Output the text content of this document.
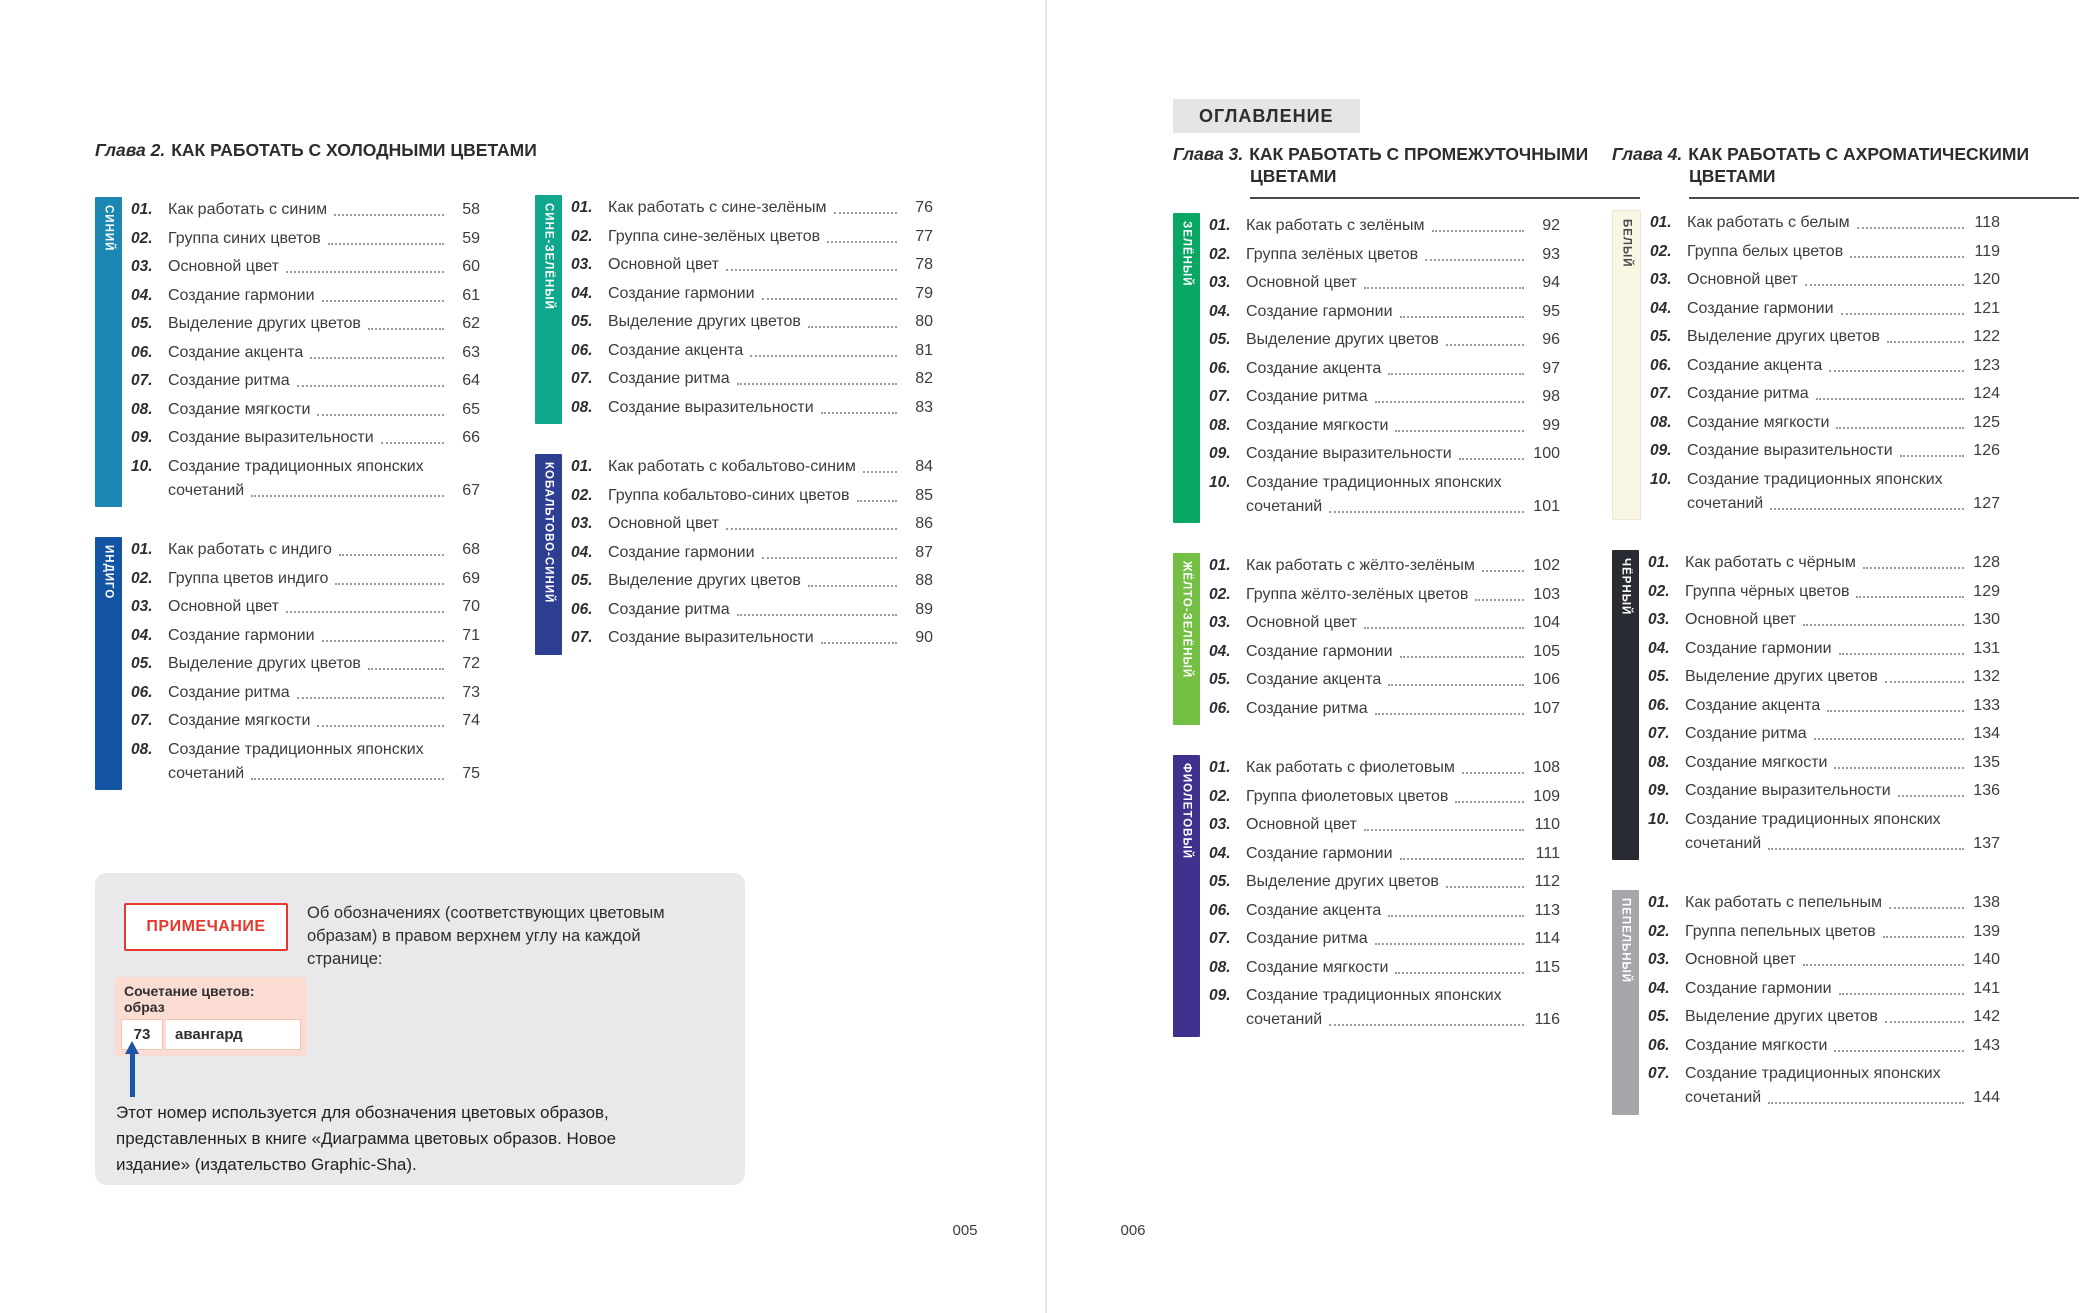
Глава 2. КАК РАБОТАТЬ С ХОЛОДНЫМИ ЦВЕТАМИ
СИНИЙ 01. Как работать с синим	58
02. Группа синих цветов	59
03. Основной цвет	60
04. Создание гармонии	61
05. Выделение других цветов	62
06. Создание акцента	63
07. Создание ритма	64
08. Создание мягкости	65
09. Создание выразительности	66
10. Создание традиционных японских
сочетаний	67
ИНДИГО 01. Как работать с индиго	68
02. Группа цветов индиго	69
03. Основной цвет	70
04. Создание гармонии	71
05. Выделение других цветов	72
06. Создание ритма	73
07. Создание мягкости	74
08. Создание традиционных японских
сочетаний	75
СИНЕ-ЗЕЛЁНЫЙ 01. Как работать с сине-зелёным	76
02. Группа сине-зелёных цветов	77
03. Основной цвет	78
04. Создание гармонии	79
05. Выделение других цветов	80
06. Создание акцента	81
07. Создание ритма	82
08. Создание выразительности	83
КОБАЛЬТОВО-СИНИЙ 01. Как работать с кобальтово-синим	84
02. Группа кобальтово-синих цветов	85
03. Основной цвет	86
04. Создание гармонии	87
05. Выделение других цветов	88
06. Создание ритма	89
07. Создание выразительности	90
ПРИМЕЧАНИЕ
Об обозначениях (соответствующих цветовым образам) в правом верхнем углу на каждой странице:
Сочетание цветов: образ
73	авангард
Этот номер используется для обозначения цветовых образов, представленных в книге «Диаграмма цветовых образов. Новое издание» (издательство Graphic-Sha).
005
ОГЛАВЛЕНИЕ
Глава 3. КАК РАБОТАТЬ С ПРОМЕЖУТОЧНЫМИ ЦВЕТАМИ
ЗЕЛЁНЫЙ 01. Как работать с зелёным	92
02. Группа зелёных цветов	93
03. Основной цвет	94
04. Создание гармонии	95
05. Выделение других цветов	96
06. Создание акцента	97
07. Создание ритма	98
08. Создание мягкости	99
09. Создание выразительности	100
10. Создание традиционных японских
сочетаний	101
ЖЁЛТО-ЗЕЛЁНЫЙ 01. Как работать с жёлто-зелёным	102
02. Группа жёлто-зелёных цветов	103
03. Основной цвет	104
04. Создание гармонии	105
05. Создание акцента	106
06. Создание ритма	107
ФИОЛЕТОВЫЙ 01. Как работать с фиолетовым	108
02. Группа фиолетовых цветов	109
03. Основной цвет	110
04. Создание гармонии	111
05. Выделение других цветов	112
06. Создание акцента	113
07. Создание ритма	114
08. Создание мягкости	115
09. Создание традиционных японских
сочетаний	116
Глава 4. КАК РАБОТАТЬ С АХРОМАТИЧЕСКИМИ ЦВЕТАМИ
БЕЛЫЙ 01. Как работать с белым	118
02. Группа белых цветов	119
03. Основной цвет	120
04. Создание гармонии	121
05. Выделение других цветов	122
06. Создание акцента	123
07. Создание ритма	124
08. Создание мягкости	125
09. Создание выразительности	126
10. Создание традиционных японских
сочетаний	127
ЧЁРНЫЙ 01. Как работать с чёрным	128
02. Группа чёрных цветов	129
03. Основной цвет	130
04. Создание гармонии	131
05. Выделение других цветов	132
06. Создание акцента	133
07. Создание ритма	134
08. Создание мягкости	135
09. Создание выразительности	136
10. Создание традиционных японских
сочетаний	137
ПЕПЕЛЬНЫЙ 01. Как работать с пепельным	138
02. Группа пепельных цветов	139
03. Основной цвет	140
04. Создание гармонии	141
05. Выделение других цветов	142
06. Создание мягкости	143
07. Создание традиционных японских
сочетаний	144
006
